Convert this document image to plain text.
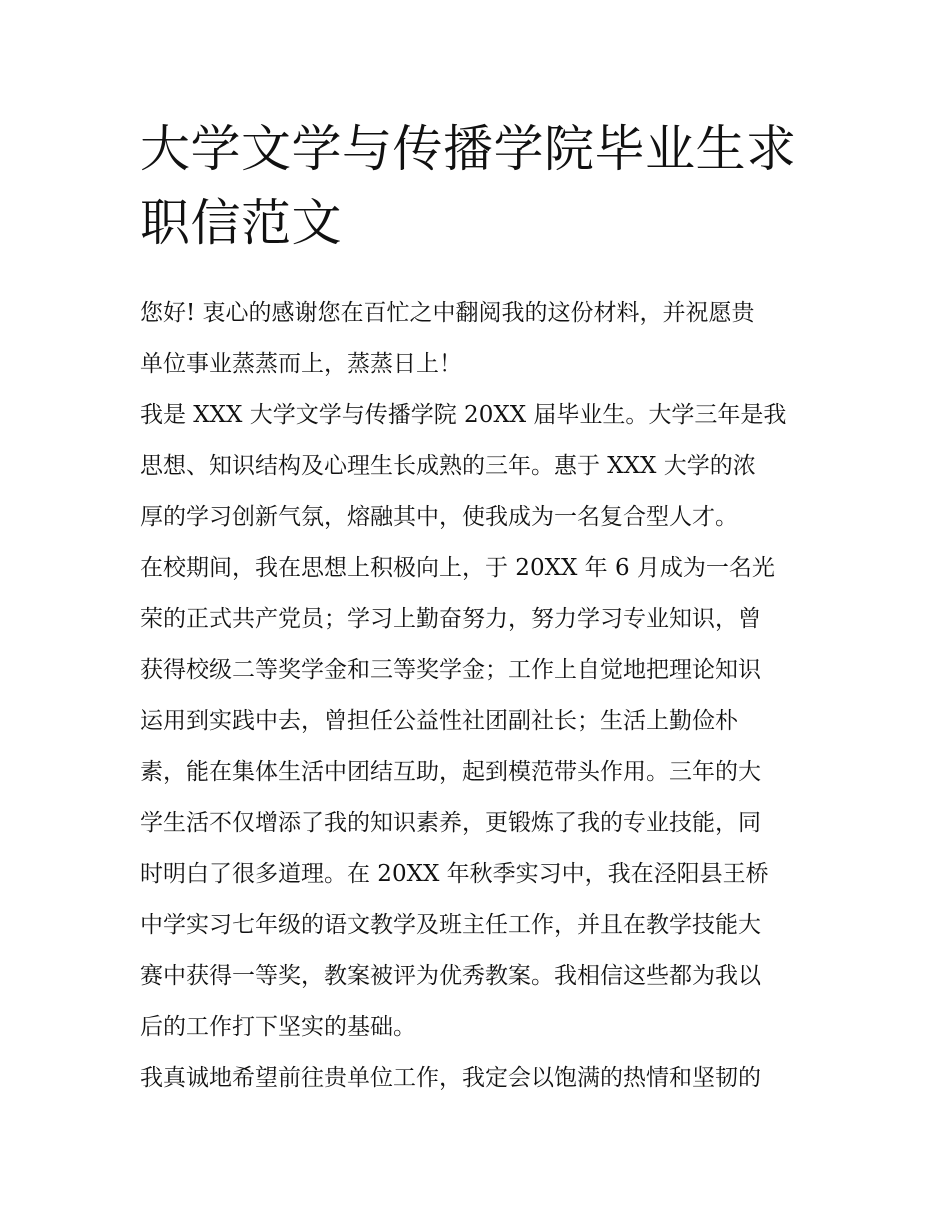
大学文学与传播学院毕业生求
职信范文
您好! 衷心的感谢您在百忙之中翻阅我的这份材料，并祝愿贵
单位事业蒸蒸而上，蒸蒸日上！
我是 XXX 大学文学与传播学院 20XX 届毕业生。大学三年是我
思想、知识结构及心理生长成熟的三年。惠于 XXX 大学的浓
厚的学习创新气氛，熔融其中，使我成为一名复合型人才。
在校期间，我在思想上积极向上，于 20XX 年 6 月成为一名光
荣的正式共产党员；学习上勤奋努力，努力学习专业知识，曾
获得校级二等奖学金和三等奖学金；工作上自觉地把理论知识
运用到实践中去，曾担任公益性社团副社长；生活上勤俭朴
素，能在集体生活中团结互助，起到模范带头作用。三年的大
学生活不仅增添了我的知识素养，更锻炼了我的专业技能，同
时明白了很多道理。在 20XX 年秋季实习中，我在泾阳县王桥
中学实习七年级的语文教学及班主任工作，并且在教学技能大
赛中获得一等奖，教案被评为优秀教案。我相信这些都为我以
后的工作打下坚实的基础。
我真诚地希望前往贵单位工作，我定会以饱满的热情和坚韧的
